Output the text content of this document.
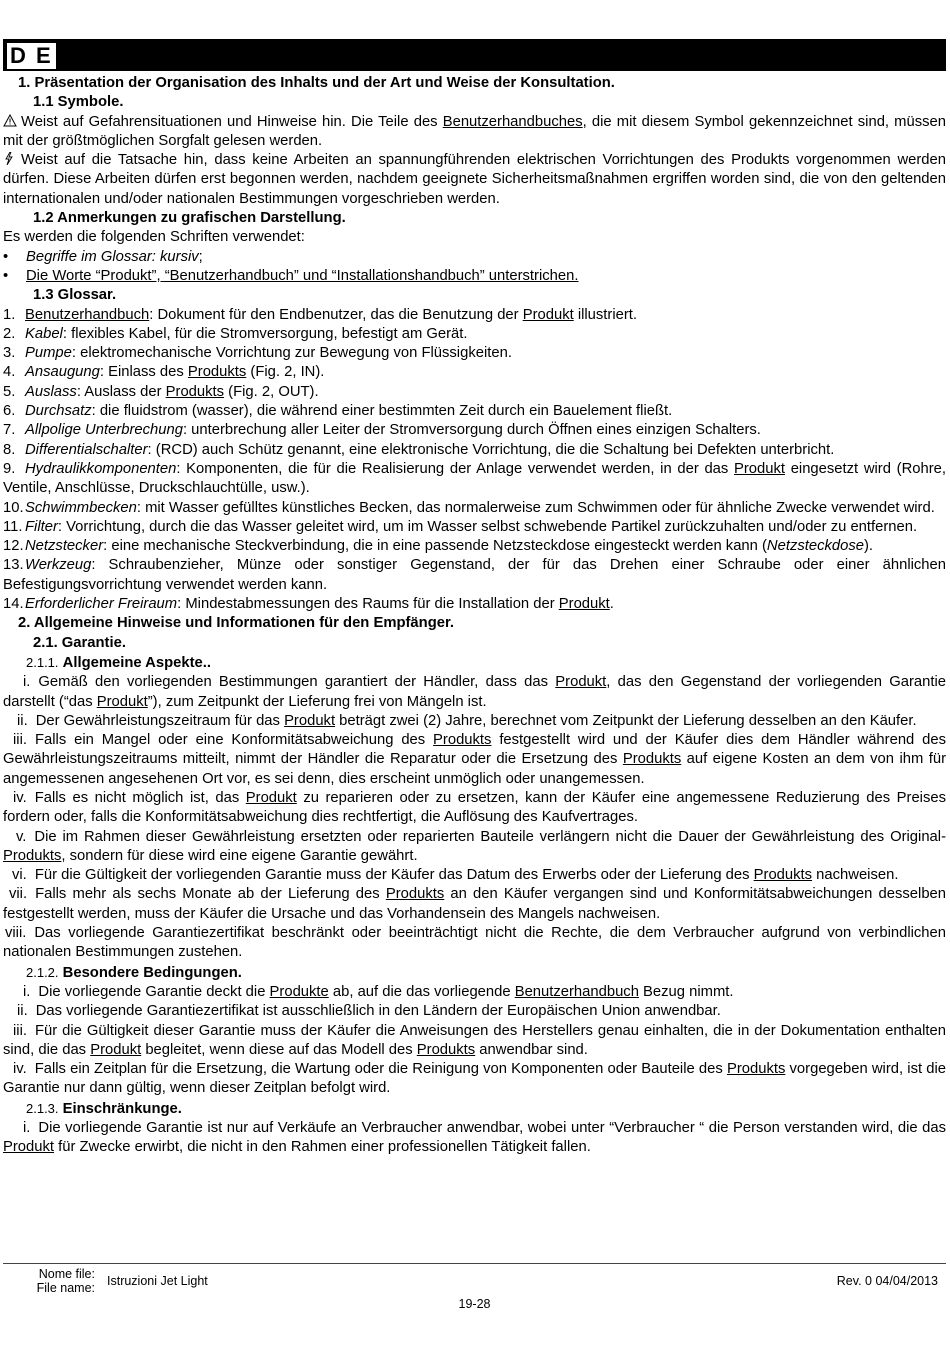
D E

1. Präsentation der Organisation des Inhalts und der Art und Weise der Konsultation.

1.1 Symbole.

Weist auf Gefahrensituationen und Hinweise hin. Die Teile des Benutzerhandbuches, die mit diesem Symbol gekennzeichnet sind, müssen mit der größtmöglichen Sorgfalt gelesen werden.

Weist auf die Tatsache hin, dass keine Arbeiten an spannungführenden elektrischen Vorrichtungen des Produkts vorgenommen werden dürfen. Diese Arbeiten dürfen erst begonnen werden, nachdem geeignete Sicherheitsmaßnahmen ergriffen worden sind, die von den geltenden internationalen und/oder nationalen Bestimmungen vorgeschrieben werden.

1.2 Anmerkungen zu grafischen Darstellung.

Es werden die folgenden Schriften verwendet:

• Begriffe im Glossar: kursiv;

• Die Worte “Produkt”, “Benutzerhandbuch” und “Installationshandbuch” unterstrichen.

1.3 Glossar.

1. Benutzerhandbuch: Dokument für den Endbenutzer, das die Benutzung der Produkt illustriert.

2. Kabel: flexibles Kabel, für die Stromversorgung, befestigt am Gerät.

3. Pumpe: elektromechanische Vorrichtung zur Bewegung von Flüssigkeiten.

4. Ansaugung: Einlass des Produkts (Fig. 2, IN).

5. Auslass: Auslass der Produkts (Fig. 2, OUT).

6. Durchsatz: die fluidstrom (wasser), die während einer bestimmten Zeit durch ein Bauelement fließt.

7. Allpolige Unterbrechung: unterbrechung aller Leiter der Stromversorgung durch Öffnen eines einzigen Schalters.

8. Differentialschalter: (RCD) auch Schütz genannt, eine elektronische Vorrichtung, die die Schaltung bei Defekten unterbricht.

9. Hydraulikkomponenten: Komponenten, die für die Realisierung der Anlage verwendet werden, in der das Produkt eingesetzt wird (Rohre, Ventile, Anschlüsse, Druckschlauchtülle, usw.).

10.Schwimmbecken: mit Wasser gefülltes künstliches Becken, das normalerweise zum Schwimmen oder für ähnliche Zwecke verwendet wird.

11. Filter: Vorrichtung, durch die das Wasser geleitet wird, um im Wasser selbst schwebende Partikel zurückzuhalten und/oder zu entfernen.

12.Netzstecker: eine mechanische Steckverbindung, die in eine passende Netzsteckdose eingesteckt werden kann (Netzsteckdose).

13.Werkzeug: Schraubenzieher, Münze oder sonstiger Gegenstand, der für das Drehen einer Schraube oder einer ähnlichen Befestigungsvorrichtung verwendet werden kann.

14.Erforderlicher Freiraum: Mindestabmessungen des Raums für die Installation der Produkt.

2. Allgemeine Hinweise und Informationen für den Empfänger.

2.1. Garantie.

2.1.1. Allgemeine Aspekte..

i. Gemäß den vorliegenden Bestimmungen garantiert der Händler, dass das Produkt, das den Gegenstand der vorliegenden Garantie darstellt (“das Produkt”), zum Zeitpunkt der Lieferung frei von Mängeln ist.

ii. Der Gewährleistungszeitraum für das Produkt beträgt zwei (2) Jahre, berechnet vom Zeitpunkt der Lieferung desselben an den Käufer.

iii. Falls ein Mangel oder eine Konformitätsabweichung des Produkts festgestellt wird und der Käufer dies dem Händler während des Gewährleistungszeitraums mitteilt, nimmt der Händler die Reparatur oder die Ersetzung des Produkts auf eigene Kosten an dem von ihm für angemessenen angesehenen Ort vor, es sei denn, dies erscheint unmöglich oder unangemessen.

iv. Falls es nicht möglich ist, das Produkt zu reparieren oder zu ersetzen, kann der Käufer eine angemessene Reduzierung des Preises fordern oder, falls die Konformitätsabweichung dies rechtfertigt, die Auflösung des Kaufvertrages.

v. Die im Rahmen dieser Gewährleistung ersetzten oder reparierten Bauteile verlängern nicht die Dauer der Gewährleistung des Original-Produkts, sondern für diese wird eine eigene Garantie gewährt.

vi. Für die Gültigkeit der vorliegenden Garantie muss der Käufer das Datum des Erwerbs oder der Lieferung des Produkts nachweisen.

vii. Falls mehr als sechs Monate ab der Lieferung des Produkts an den Käufer vergangen sind und Konformitätsabweichungen desselben festgestellt werden, muss der Käufer die Ursache und das Vorhandensein des Mangels nachweisen.

viii. Das vorliegende Garantiezertifikat beschränkt oder beeinträchtigt nicht die Rechte, die dem Verbraucher aufgrund von verbindlichen nationalen Bestimmungen zustehen.

2.1.2. Besondere Bedingungen.

i. Die vorliegende Garantie deckt die Produkte ab, auf die das vorliegende Benutzerhandbuch Bezug nimmt.

ii. Das vorliegende Garantiezertifikat ist ausschließlich in den Ländern der Europäischen Union anwendbar.

iii. Für die Gültigkeit dieser Garantie muss der Käufer die Anweisungen des Herstellers genau einhalten, die in der Dokumentation enthalten sind, die das Produkt begleitet, wenn diese auf das Modell des Produkts anwendbar sind.

iv. Falls ein Zeitplan für die Ersetzung, die Wartung oder die Reinigung von Komponenten oder Bauteile des Produkts vorgegeben wird, ist die Garantie nur dann gültig, wenn dieser Zeitplan befolgt wird.

2.1.3. Einschränkunge.

i. Die vorliegende Garantie ist nur auf Verkäufe an Verbraucher anwendbar, wobei unter “Verbraucher “ die Person verstanden wird, die das Produkt für Zwecke erwirbt, die nicht in den Rahmen einer professionellen Tätigkeit fallen.

Nome file:
File name: Istruzioni Jet Light	Rev. 0 04/04/2013
19-28
